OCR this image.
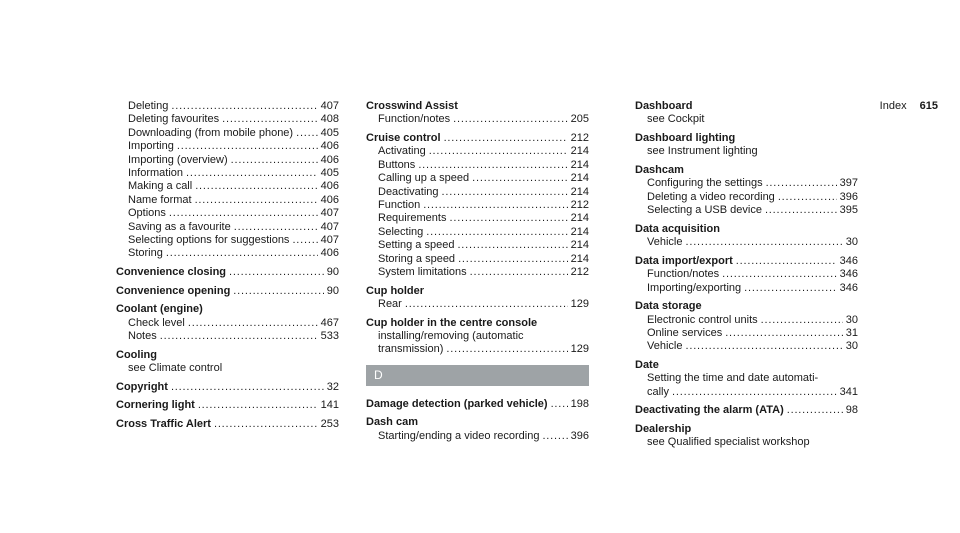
Index 615
Deleting .....	407
Deleting favourites .....	408
Downloading (from mobile phone) .....	405
Importing .....	406
Importing (overview) .....	406
Information .....	405
Making a call .....	406
Name format .....	406
Options .....	407
Saving as a favourite .....	407
Selecting options for suggestions .....	407
Storing .....	406
Convenience closing .....	90
Convenience opening .....	90
Coolant (engine)
Check level .....	467
Notes .....	533
Cooling
see Climate control
Copyright .....	32
Cornering light .....	141
Cross Traffic Alert .....	253
Crosswind Assist
Function/notes .....	205
Cruise control .....	212
Activating .....	214
Buttons .....	214
Calling up a speed .....	214
Deactivating .....	214
Function .....	212
Requirements .....	214
Selecting .....	214
Setting a speed .....	214
Storing a speed .....	214
System limitations .....	212
Cup holder
Rear .....	129
Cup holder in the centre console
installing/removing (automatic
transmission) .....	129
D
Damage detection (parked vehicle) ..... 198
Dash cam
Starting/ending a video recording .....	396
Dashboard
see Cockpit
Dashboard lighting
see Instrument lighting
Dashcam
Configuring the settings .....	397
Deleting a video recording .....	396
Selecting a USB device .....	395
Data acquisition
Vehicle .....	30
Data import/export .....	346
Function/notes .....	346
Importing/exporting .....	346
Data storage
Electronic control units .....	30
Online services .....	31
Vehicle .....	30
Date
Setting the time and date automati-
cally .....	341
Deactivating the alarm (ATA) .....	98
Dealership
see Qualified specialist workshop
